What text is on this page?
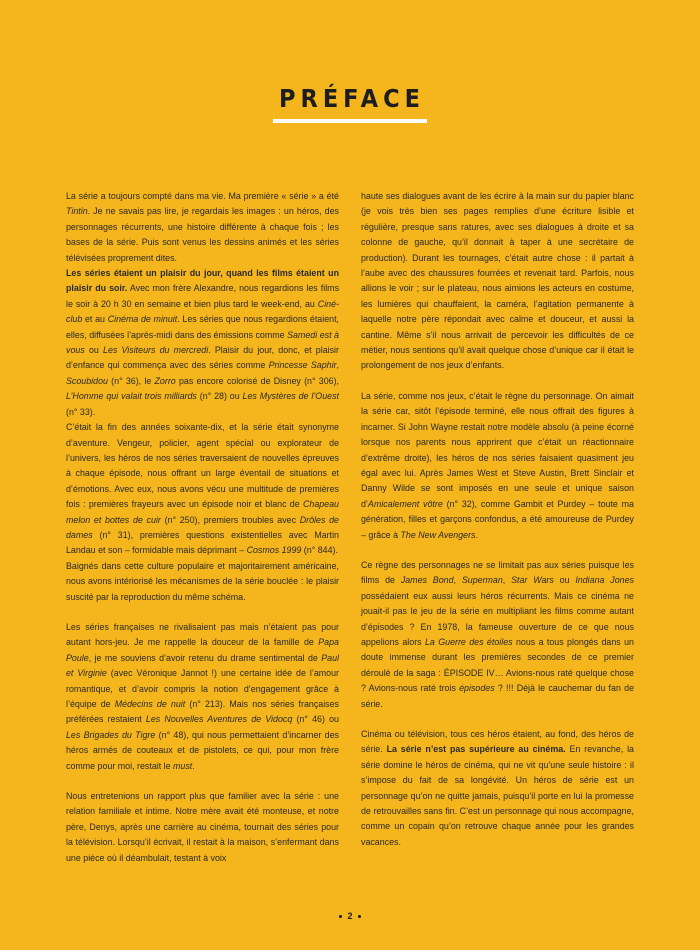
PRÉFACE

La série a toujours compté dans ma vie. Ma première « série » a été Tintin. Je ne savais pas lire, je regardais les images : un héros, des personnages récurrents, une histoire différente à chaque fois ; les bases de la série. Puis sont venus les dessins animés et les séries télévisées proprement dites.

Les séries étaient un plaisir du jour, quand les films étaient un plaisir du soir. Avec mon frère Alexandre, nous regardions les films le soir à 20 h 30 en semaine et bien plus tard le week-end, au Ciné-club et au Cinéma de minuit. Les séries que nous regardions étaient, elles, diffusées l’après-midi dans des émissions comme Samedi est à vous ou Les Visiteurs du mercredi. Plaisir du jour, donc, et plaisir d’enfance qui commença avec des séries comme Princesse Saphir, Scoubidou (n° 36), le Zorro pas encore colorisé de Disney (n° 306), L’Homme qui valait trois milliards (n° 28) ou Les Mystères de l’Ouest (n° 33).

C’était la fin des années soixante-dix, et la série était synonyme d’aventure. Vengeur, policier, agent spécial ou explorateur de l’univers, les héros de nos séries traversaient de nouvelles épreuves à chaque épisode, nous offrant un large éventail de situations et d’émotions. Avec eux, nous avons vécu une multitude de premières fois : premières frayeurs avec un épisode noir et blanc de Chapeau melon et bottes de cuir (n° 250), premiers troubles avec Drôles de dames (n° 31), premières questions existentielles avec Martin Landau et son – formidable mais déprimant – Cosmos 1999 (n° 844).

Baignés dans cette culture populaire et majoritairement américaine, nous avons intériorisé les mécanismes de la série bouclée : le plaisir suscité par la reproduction du même schéma.

Les séries françaises ne rivalisaient pas mais n’étaient pas pour autant hors-jeu. Je me rappelle la douceur de la famille de Papa Poule, je me souviens d’avoir retenu du drame sentimental de Paul et Virginie (avec Véronique Jannot !) une certaine idée de l’amour romantique, et d’avoir compris la notion d’engagement grâce à l’équipe de Médecins de nuit (n° 213). Mais nos séries françaises préférées restaient Les Nouvelles Aventures de Vidocq (n° 46) ou Les Brigades du Tigre (n° 48), qui nous permettaient d’incarner des héros armés de couteaux et de pistolets, ce qui, pour mon frère comme pour moi, restait le must.

Nous entretenions un rapport plus que familier avec la série : une relation familiale et intime. Notre mère avait été monteuse, et notre père, Denys, après une carrière au cinéma, tournait des séries pour la télévision. Lorsqu’il écrivait, il restait à la maison, s’enfermant dans une pièce où il déambulait, testant à voix

haute ses dialogues avant de les écrire à la main sur du papier blanc (je vois très bien ses pages remplies d’une écriture lisible et régulière, presque sans ratures, avec ses dialogues à droite et sa colonne de gauche, qu’il donnait à taper à une secrétaire de production). Durant les tournages, c’était autre chose : il partait à l’aube avec des chaussures fourrées et revenait tard. Parfois, nous allions le voir ; sur le plateau, nous aimions les acteurs en costume, les lumières qui chauffaient, la caméra, l’agitation permanente à laquelle notre père répondait avec calme et douceur, et aussi la cantine. Même s’il nous arrivait de percevoir les difficultés de ce métier, nous sentions qu’il avait quelque chose d’unique car il était le prolongement de nos jeux d’enfants.

La série, comme nos jeux, c’était le règne du personnage. On aimait la série car, sitôt l’épisode terminé, elle nous offrait des figures à incarner. Si John Wayne restait notre modèle absolu (à peine écorné lorsque nos parents nous apprirent que c’était un réactionnaire d’extrême droite), les héros de nos séries faisaient quasiment jeu égal avec lui. Après James West et Steve Austin, Brett Sinclair et Danny Wilde se sont imposés en une seule et unique saison d’Amicalement vôtre (n° 32), comme Gambit et Purdey – toute ma génération, filles et garçons confondus, a été amoureuse de Purdey – grâce à The New Avengers.

Ce règne des personnages ne se limitait pas aux séries puisque les films de James Bond, Superman, Star Wars ou Indiana Jones possédaient eux aussi leurs héros récurrents. Mais ce cinéma ne jouait-il pas le jeu de la série en multipliant les films comme autant d’épisodes ? En 1978, la fameuse ouverture de ce que nous appelions alors La Guerre des étoiles nous a tous plongés dans un doute immense durant les premières secondes de ce premier déroulé de la saga : ÉPISODE IV… Avions-nous raté quelque chose ? Avions-nous raté trois épisodes ? !!! Déjà le cauchemar du fan de série.

Cinéma ou télévision, tous ces héros étaient, au fond, des héros de série. La série n’est pas supérieure au cinéma. En revanche, la série domine le héros de cinéma, qui ne vit qu’une seule histoire : il s’impose du fait de sa longévité. Un héros de série est un personnage qu’on ne quitte jamais, puisqu’il porte en lui la promesse de retrouvailles sans fin. C’est un personnage qui nous accompagne, comme un copain qu’on retrouve chaque année pour les grandes vacances.

2
